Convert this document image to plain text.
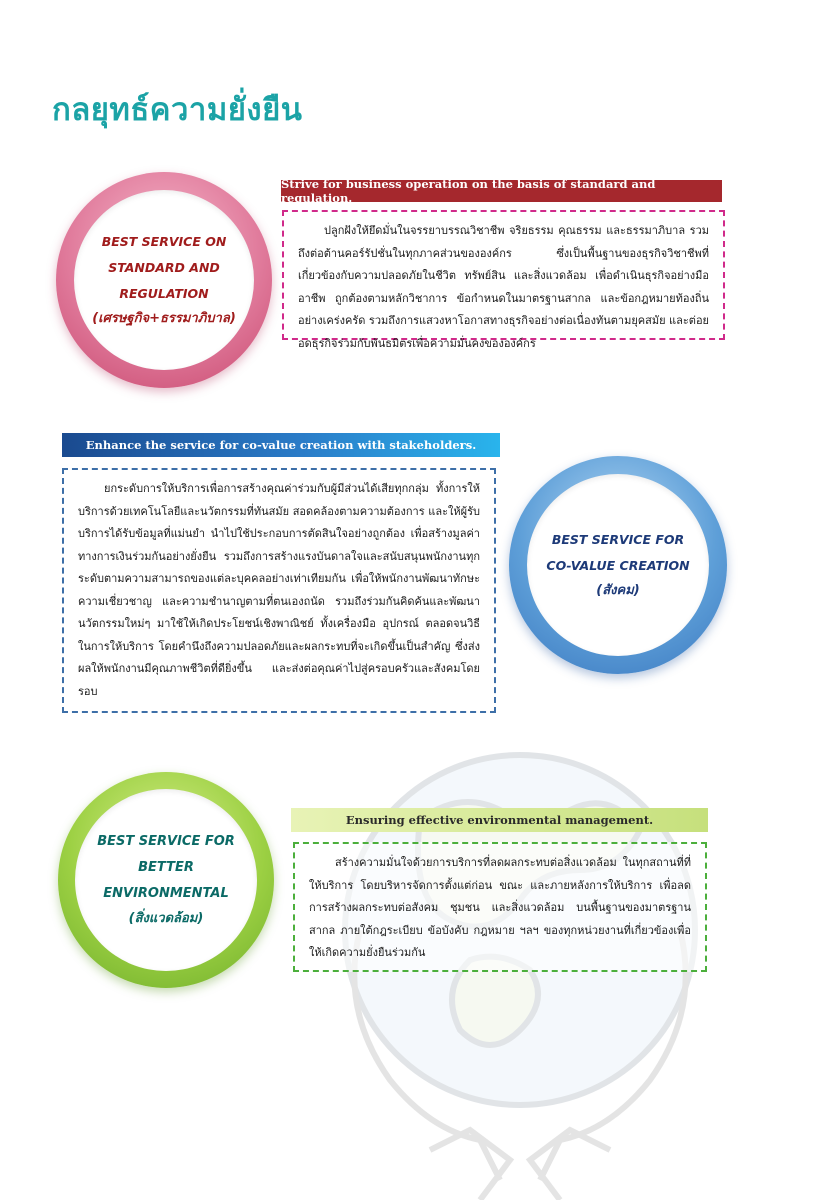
กลยุทธ์ความยั่งยืน
BEST SERVICE ON
STANDARD AND
REGULATION
(เศรษฐกิจ+ธรรมาภิบาล)
Strive for business operation on the basis of standard and regulation.

ปลูกฝังให้ยึดมั่นในจรรยาบรรณวิชาชีพ จริยธรรม คุณธรรม และธรรมาภิบาล รวมถึงต่อต้านคอร์รัปชั่นในทุกภาคส่วนขององค์กร ซึ่งเป็นพื้นฐานของธุรกิจวิชาชีพที่เกี่ยวข้องกับความปลอดภัยในชีวิต ทรัพย์สิน และสิ่งแวดล้อม เพื่อดำเนินธุรกิจอย่างมืออาชีพ ถูกต้องตามหลักวิชาการ ข้อกำหนดในมาตรฐานสากล และข้อกฎหมายท้องถิ่นอย่างเคร่งครัด รวมถึงการแสวงหาโอกาสทางธุรกิจอย่างต่อเนื่องทันตามยุคสมัย และต่อยอดธุรกิจร่วมกับพันธมิตรเพื่อความมั่นคงขององค์กร

Enhance the service for co-value creation with stakeholders.

ยกระดับการให้บริการเพื่อการสร้างคุณค่าร่วมกับผู้มีส่วนได้เสียทุกกลุ่ม ทั้งการให้บริการด้วยเทคโนโลยีและนวัตกรรมที่ทันสมัย สอดคล้องตามความต้องการ และให้ผู้รับบริการได้รับข้อมูลที่แม่นยำ นำไปใช้ประกอบการตัดสินใจอย่างถูกต้อง เพื่อสร้างมูลค่าทางการเงินร่วมกันอย่างยั่งยืน รวมถึงการสร้างแรงบันดาลใจและสนับสนุนพนักงานทุกระดับตามความสามารถของแต่ละบุคคลอย่างเท่าเทียมกัน เพื่อให้พนักงานพัฒนาทักษะ ความเชี่ยวชาญ และความชำนาญตามที่ตนเองถนัด รวมถึงร่วมกันคิดค้นและพัฒนานวัตกรรมใหม่ๆ มาใช้ให้เกิดประโยชน์เชิงพาณิชย์ ทั้งเครื่องมือ อุปกรณ์ ตลอดจนวิธีในการให้บริการ โดยคำนึงถึงความปลอดภัยและผลกระทบที่จะเกิดขึ้นเป็นสำคัญ ซึ่งส่งผลให้พนักงานมีคุณภาพชีวิตที่ดียิ่งขึ้น และส่งต่อคุณค่าไปสู่ครอบครัวและสังคมโดยรอบ

BEST SERVICE FOR
CO-VALUE CREATION
(สังคม)
BEST SERVICE FOR
BETTER ENVIRONMENTAL
(สิ่งแวดล้อม)
Ensuring effective environmental management.

สร้างความมั่นใจด้วยการบริการที่ลดผลกระทบต่อสิ่งแวดล้อม ในทุกสถานที่ที่ให้บริการ โดยบริหารจัดการตั้งแต่ก่อน ขณะ และภายหลังการให้บริการ เพื่อลดการสร้างผลกระทบต่อสังคม ชุมชน และสิ่งแวดล้อม บนพื้นฐานของมาตรฐานสากล ภายใต้กฎระเบียบ ข้อบังคับ กฎหมาย ฯลฯ ของทุกหน่วยงานที่เกี่ยวข้องเพื่อให้เกิดความยั่งยืนร่วมกัน
